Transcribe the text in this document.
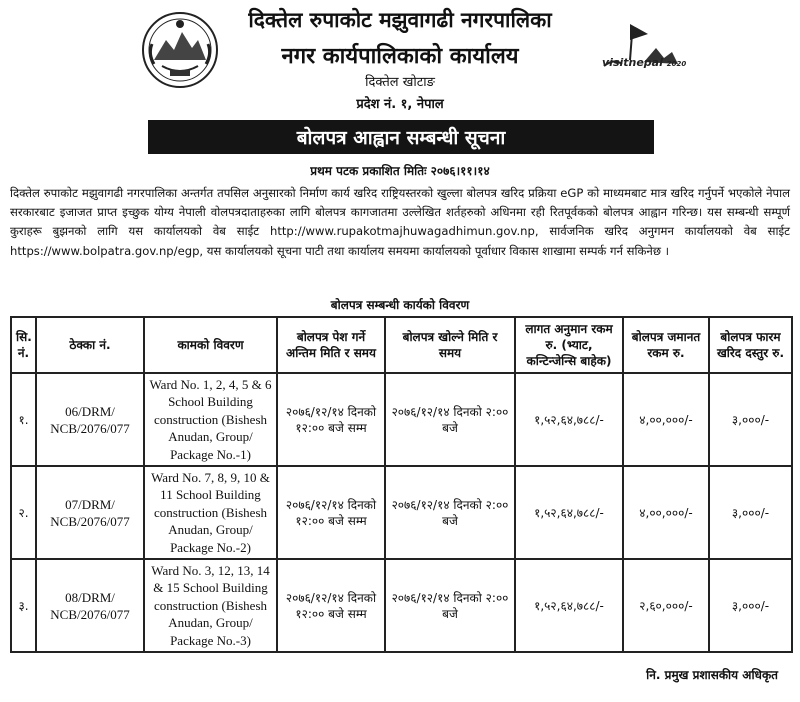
दिक्तेल रुपाकोट मझुवागढी नगरपालिका
नगर कार्यपालिकाको कार्यालय
दिक्तेल खोटाङ
प्रदेश नं. १, नेपाल
visitnepal 2020
बोलपत्र आह्वान सम्बन्धी सूचना
प्रथम पटक प्रकाशित मितिः २०७६।११।१४
दिक्तेल रुपाकोट मझुवागढी नगरपालिका अन्तर्गत तपसिल अनुसारको निर्माण कार्य खरिद राष्ट्रियस्तरको खुल्ला बोलपत्र खरिद प्रक्रिया eGP को माध्यमबाट मात्र खरिद गर्नुपर्ने भएकोले नेपाल सरकारबाट इजाजत प्राप्त इच्छुक योग्य नेपाली वोलपत्रदाताहरुका लागि बोलपत्र कागजातमा उल्लेखित शर्तहरुको अधिनमा रही रितपूर्वकको बोलपत्र आह्वान गरिन्छ। यस सम्बन्धी सम्पूर्ण कुराहरू बुझनको लागि यस कार्यालयको वेब साईट http://www.rupakotmajhuwagadhimun.gov.np, सार्वजनिक खरिद अनुगमन कार्यालयको वेब साईट https://www.bolpatra.gov.np/egp, यस कार्यालयको सूचना पाटी तथा कार्यालय समयमा कार्यालयको पूर्वाधार विकास शाखामा सम्पर्क गर्न सकिनेछ ।
बोलपत्र सम्बन्धी कार्यको विवरण
सि. नं.	ठेक्का नं.	कामको विवरण	बोलपत्र पेश गर्ने अन्तिम मिति र समय	बोलपत्र खोल्ने मिति र समय	लागत अनुमान रकम रु. (भ्याट, कन्टिन्जेन्सि बाहेक)	बोलपत्र जमानत रकम रु.	बोलपत्र फारम खरिद दस्तुर रु.
१.	06/DRM/ NCB/2076/077	Ward No. 1, 2, 4, 5 & 6 School Building construction (Bishesh Anudan, Group/ Package No.-1)	२०७६/१२/१४ दिनको १२:०० बजे सम्म	२०७६/१२/१४ दिनको २:०० बजे	१,५२,६४,७८८/-	४,००,०००/-	३,०००/-
२.	07/DRM/ NCB/2076/077	Ward No. 7, 8, 9, 10 & 11 School Building construction (Bishesh Anudan, Group/ Package No.-2)	२०७६/१२/१४ दिनको १२:०० बजे सम्म	२०७६/१२/१४ दिनको २:०० बजे	१,५२,६४,७८८/-	४,००,०००/-	३,०००/-
३.	08/DRM/ NCB/2076/077	Ward No. 3, 12, 13, 14 & 15 School Building construction (Bishesh Anudan, Group/ Package No.-3)	२०७६/१२/१४ दिनको १२:०० बजे सम्म	२०७६/१२/१४ दिनको २:०० बजे	१,५२,६४,७८८/-	२,६०,०००/-	३,०००/-
नि. प्रमुख प्रशासकीय अधिकृत
